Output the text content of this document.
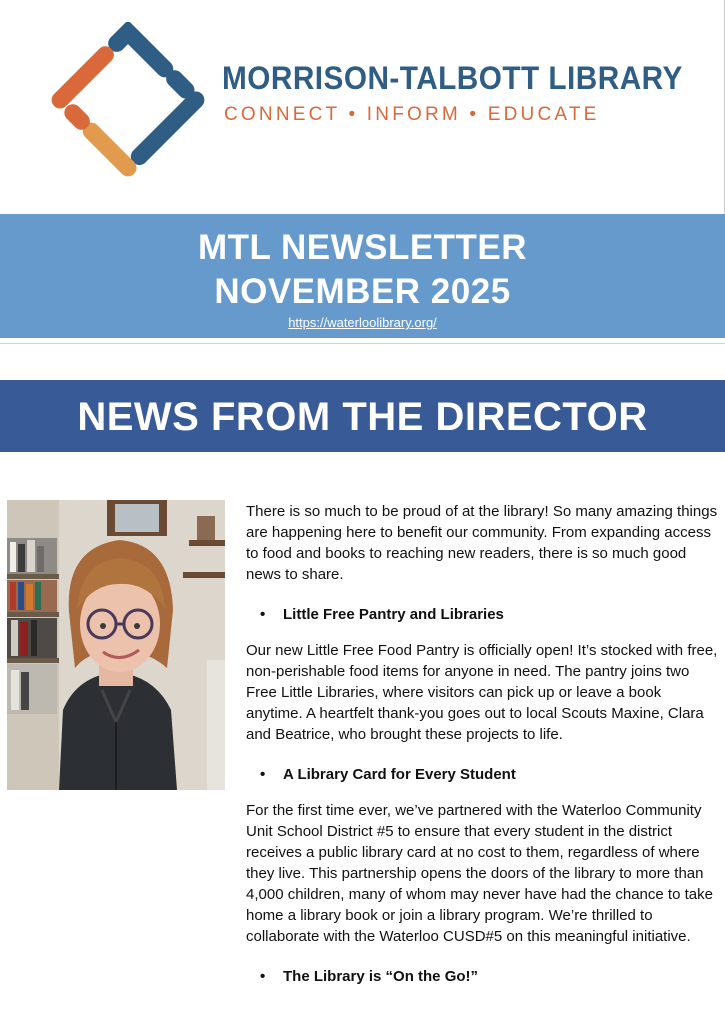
MORRISON-TALBOTT LIBRARY
CONNECT • INFORM • EDUCATE
MTL NEWSLETTER
NOVEMBER 2025
https://waterloolibrary.org/
NEWS FROM THE DIRECTOR

There is so much to be proud of at the library! So many amazing things are happening here to benefit our community. From expanding access to food and books to reaching new readers, there is so much good news to share.

• Little Free Pantry and Libraries

Our new Little Free Food Pantry is officially open! It’s stocked with free, non-perishable food items for anyone in need. The pantry joins two Free Little Libraries, where visitors can pick up or leave a book anytime. A heartfelt thank-you goes out to local Scouts Maxine, Clara and Beatrice, who brought these projects to life.

• A Library Card for Every Student

For the first time ever, we’ve partnered with the Waterloo Community Unit School District #5 to ensure that every student in the district receives a public library card at no cost to them, regardless of where they live. This partnership opens the doors of the library to more than 4,000 children, many of whom may never have had the chance to take home a library book or join a library program. We’re thrilled to collaborate with the Waterloo CUSD#5 on this meaningful initiative.

• The Library is “On the Go!”
